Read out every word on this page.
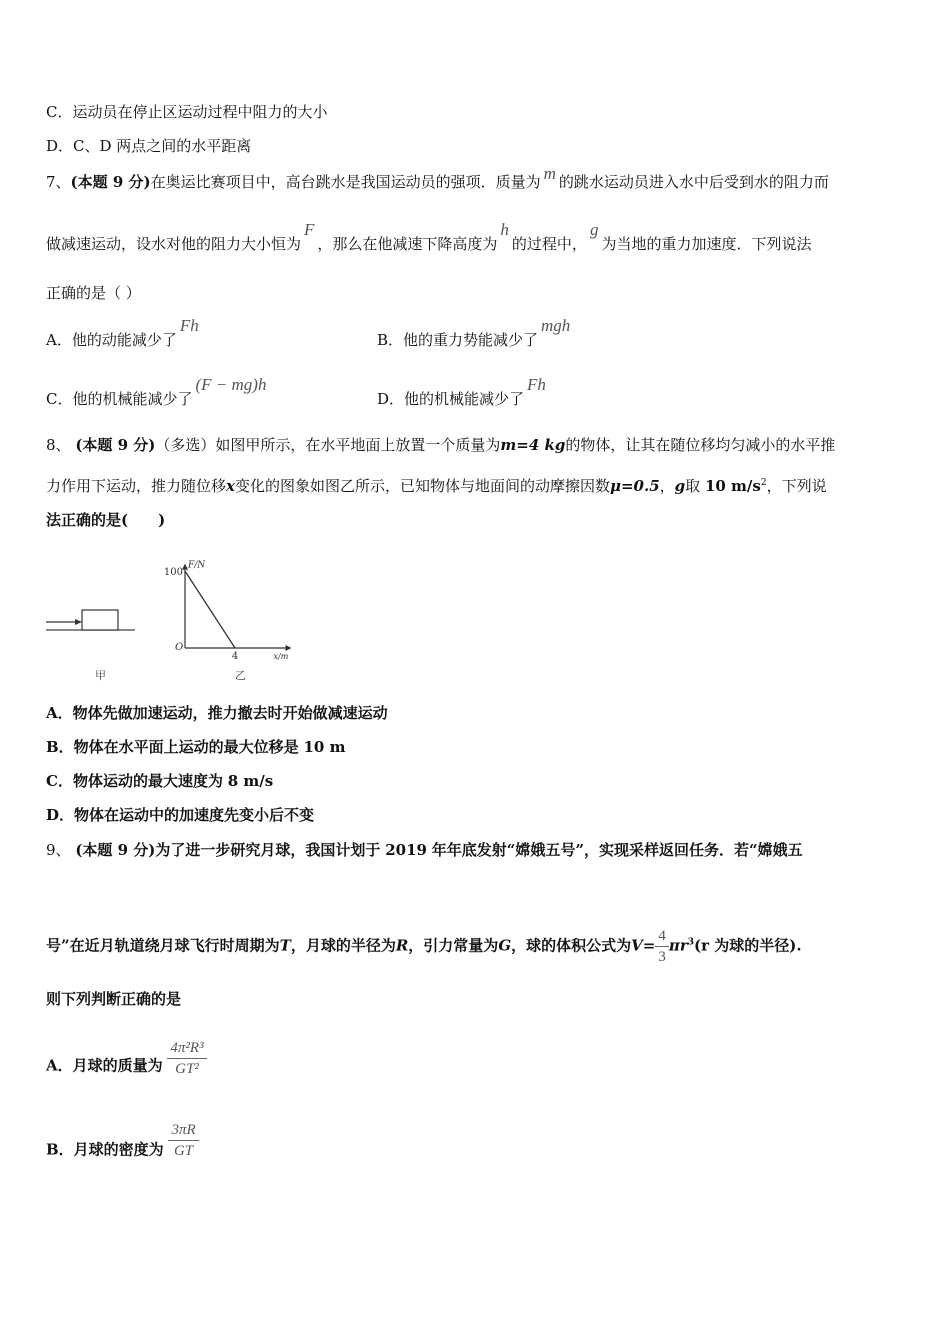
C．运动员在停止区运动过程中阻力的大小
D．C、D 两点之间的水平距离
7、(本题 9 分)在奥运比赛项目中，高台跳水是我国运动员的强项．质量为 m 的跳水运动员进入水中后受到水的阻力而
做减速运动，设水对他的阻力大小恒为F，那么在他减速下降高度为h的过程中，g为当地的重力加速度．下列说法
正确的是（ ）
A．他的动能减少了Fh
B．他的重力势能减少了mgh
C．他的机械能减少了(F − mg)h
D．他的机械能减少了Fh
8、 (本题 9 分)（多选）如图甲所示，在水平地面上放置一个质量为m=4 kg的物体，让其在随位移均匀减小的水平推
力作用下运动，推力随位移x变化的图象如图乙所示，已知物体与地面间的动摩擦因数μ=0.5，g取 10 $m/s^2$，下列说
法正确的是(　　)
甲
F/N
x/m
100
4
O
乙
A．物体先做加速运动，推力撤去时开始做减速运动
B．物体在水平面上运动的最大位移是 10 m
C．物体运动的最大速度为 8 m/s
D．物体在运动中的加速度先变小后不变
9、 (本题 9 分)为了进一步研究月球，我国计划于 2019 年年底发射“嫦娥五号”，实现采样返回任务．若“嫦娥五
号”在近月轨道绕月球飞行时周期为T，月球的半径为R，引力常量为G，球的体积公式为$V= \frac{4}{3} \pi r^3(r$ 为球的半径).
则下列判断正确的是
A．月球的质量为 $\frac{\text{4π²R³}}{\text{GT²}}$
B．月球的密度为 $\frac{3\pi R}{GT}$
